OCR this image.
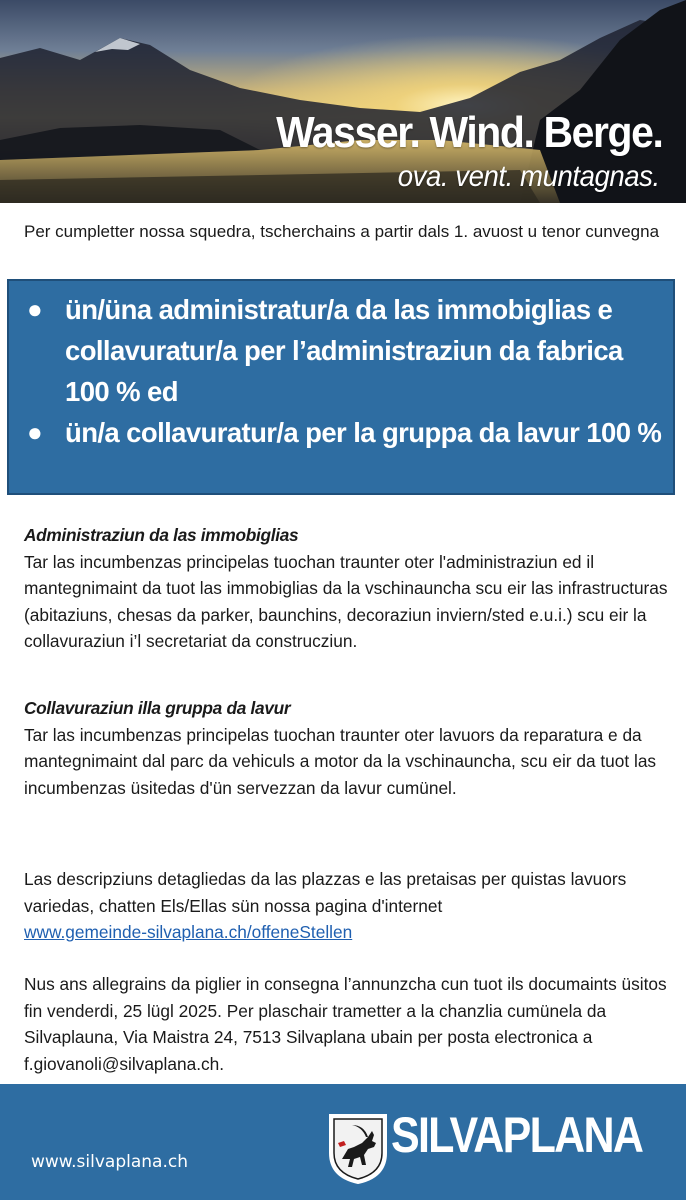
Wasser. Wind. Berge.
ova. vent. muntagnas.
Per cumpletter nossa squedra, tscherchains a partir dals 1. avuost u tenor cunvegna
● ün/üna administratur/a da las immobiglias e collavuratur/a per l’administraziun da fabrica 100 % ed
● ün/a collavuratur/a per la gruppa da lavur 100 %
Administraziun da las immobiglias
Tar las incumbenzas principelas tuochan traunter oter l'administraziun ed il mantegnimaint da tuot las immobiglias da la vschinauncha scu eir las infrastructuras (abitaziuns, chesas da parker, baunchins, decoraziun inviern/sted e.u.i.) scu eir la collavuraziun i’l secretariat da construcziun.
Collavuraziun illa gruppa da lavur
Tar las incumbenzas principelas tuochan traunter oter lavuors da reparatura e da mantegnimaint dal parc da vehiculs a motor da la vschinauncha, scu eir da tuot las incumbenzas üsitedas d'ün servezzan da lavur cumünel.
Las descripziuns detagliedas da las plazzas e las pretaisas per quistas lavuors variedas, chatten Els/Ellas sün nossa pagina d'internet
www.gemeinde-silvaplana.ch/offeneStellen
Nus ans allegrains da piglier in consegna l’annunzcha cun tuot ils documaints üsitos fin venderdi, 25 lügl 2025. Per plaschair trametter a la chanzlia cumünela da Silvaplauna, Via Maistra 24, 7513 Silvaplana ubain per posta electronica a f.giovanoli@silvaplana.ch.
www.silvaplana.ch	SILVAPLANA
